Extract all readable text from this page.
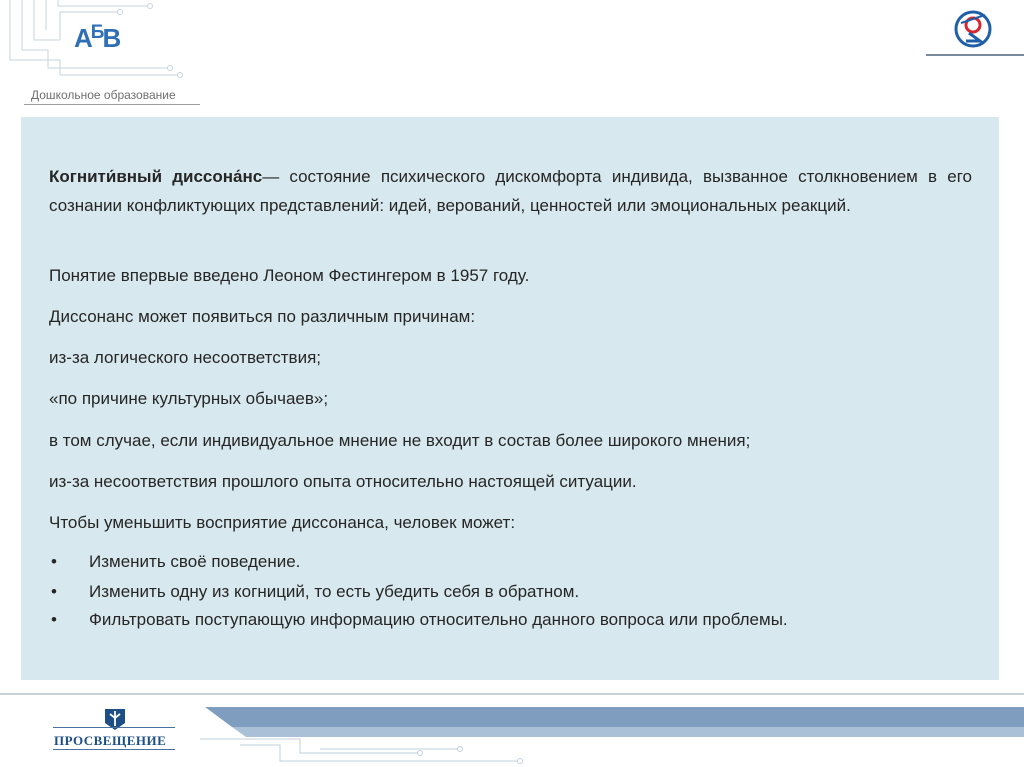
$А^БВ$
Дошкольное образование
Когнити́вный диссона́нс— состояние психического дискомфорта индивида, вызванное столкновением в его сознании конфликтующих представлений: идей, верований, ценностей или эмоциональных реакций.
Понятие впервые введено Леоном Фестингером в 1957 году.
Диссонанс может появиться по различным причинам:
из-за логического несоответствия;
«по причине культурных обычаев»;
в том случае, если индивидуальное мнение не входит в состав более широкого мнения;
из-за несоответствия прошлого опыта относительно настоящей ситуации.
Чтобы уменьшить восприятие диссонанса, человек может:
• Изменить своё поведение.
• Изменить одну из когниций, то есть убедить себя в обратном.
• Фильтровать поступающую информацию относительно данного вопроса или проблемы.
ПРОСВЕЩЕНИЕ
